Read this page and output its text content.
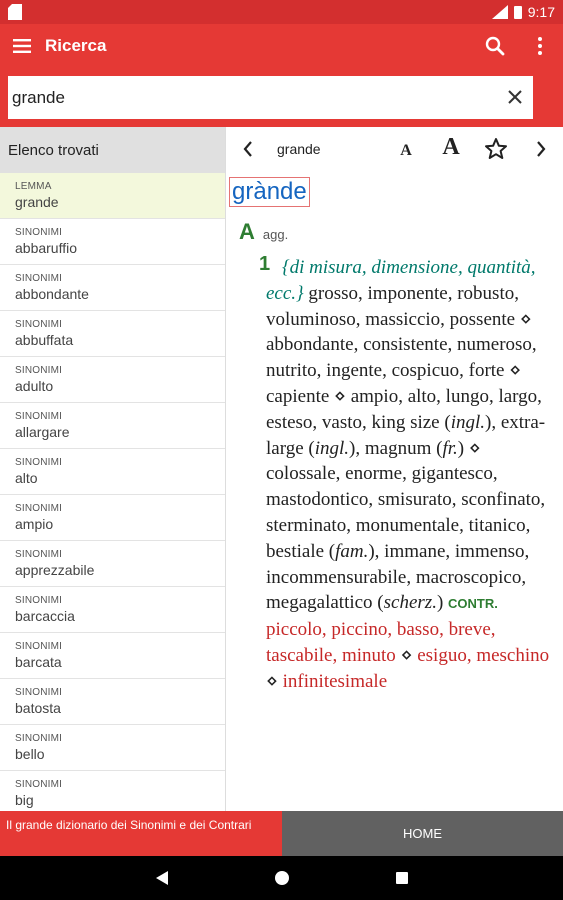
9:17
Ricerca
grande
Elenco trovati
LEMMA
grande
SINONIMI
abbaruffio
SINONIMI
abbondante
SINONIMI
abbuffata
SINONIMI
adulto
SINONIMI
allargare
SINONIMI
alto
SINONIMI
ampio
SINONIMI
apprezzabile
SINONIMI
barcaccia
SINONIMI
barcata
SINONIMI
batosta
SINONIMI
bello
SINONIMI
big
grande	A A
grànde
A agg.
1 {di misura, dimensione, quantità, ecc.} grosso, imponente, robusto, voluminoso, massiccio, possente ⋄ abbondante, consistente, numeroso, nutrito, ingente, cospicuo, forte ⋄ capiente ⋄ ampio, alto, lungo, largo, esteso, vasto, king size (ingl.), extra-large (ingl.), magnum (fr.) ⋄ colossale, enorme, gigantesco, mastodontico, smisurato, sconfinato, sterminato, monumentale, titanico, bestiale (fam.), immane, immenso, incommensurabile, macroscopico, megagalattico (scherz.) CONTR. piccolo, piccino, basso, breve, tascabile, minuto ⋄ esiguo, meschino ⋄ infinitesimale
Il grande dizionario dei Sinonimi e dei Contrari
HOME
